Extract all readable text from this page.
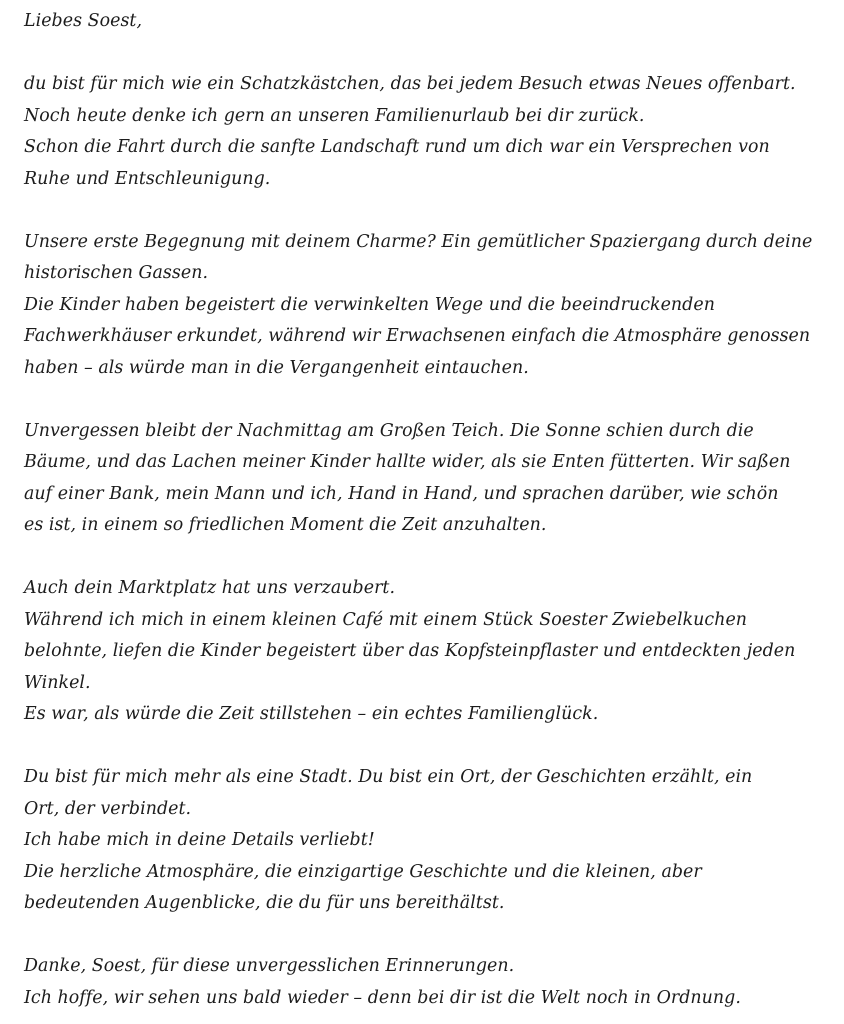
Liebes Soest,
du bist für mich wie ein Schatzkästchen, das bei jedem Besuch etwas Neues offenbart.
Noch heute denke ich gern an unseren Familienurlaub bei dir zurück.
Schon die Fahrt durch die sanfte Landschaft rund um dich war ein Versprechen von
Ruhe und Entschleunigung.
Unsere erste Begegnung mit deinem Charme? Ein gemütlicher Spaziergang durch deine
historischen Gassen.
Die Kinder haben begeistert die verwinkelten Wege und die beeindruckenden
Fachwerkhäuser erkundet, während wir Erwachsenen einfach die Atmosphäre genossen
haben – als würde man in die Vergangenheit eintauchen.
Unvergessen bleibt der Nachmittag am Großen Teich. Die Sonne schien durch die
Bäume, und das Lachen meiner Kinder hallte wider, als sie Enten fütterten. Wir saßen
auf einer Bank, mein Mann und ich, Hand in Hand, und sprachen darüber, wie schön
es ist, in einem so friedlichen Moment die Zeit anzuhalten.
Auch dein Marktplatz hat uns verzaubert.
Während ich mich in einem kleinen Café mit einem Stück Soester Zwiebelkuchen
belohnte, liefen die Kinder begeistert über das Kopfsteinpflaster und entdeckten jeden
Winkel.
Es war, als würde die Zeit stillstehen – ein echtes Familienglück.
Du bist für mich mehr als eine Stadt. Du bist ein Ort, der Geschichten erzählt, ein
Ort, der verbindet.
Ich habe mich in deine Details verliebt!
Die herzliche Atmosphäre, die einzigartige Geschichte und die kleinen, aber
bedeutenden Augenblicke, die du für uns bereithältst.
Danke, Soest, für diese unvergesslichen Erinnerungen.
Ich hoffe, wir sehen uns bald wieder – denn bei dir ist die Welt noch in Ordnung.
